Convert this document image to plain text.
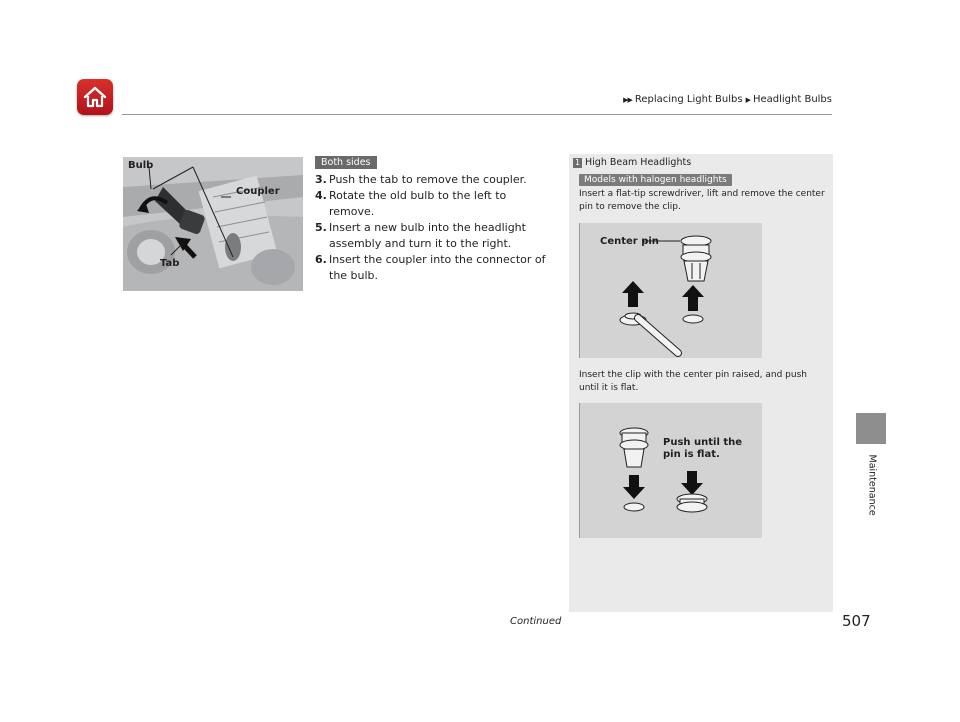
▶▶ Replacing Light Bulbs ▶ Headlight Bulbs
Maintenance
Bulb
Coupler
Tab
Both sides
3. Push the tab to remove the coupler.
4. Rotate the old bulb to the left to remove.
5. Insert a new bulb into the headlight assembly and turn it to the right.
6. Insert the coupler into the connector of the bulb.
1 High Beam Headlights
Models with halogen headlights
Insert a flat-tip screwdriver, lift and remove the center pin to remove the clip.
Center pin
Insert the clip with the center pin raised, and push until it is flat.
Push until the pin is flat.
Continued	507
